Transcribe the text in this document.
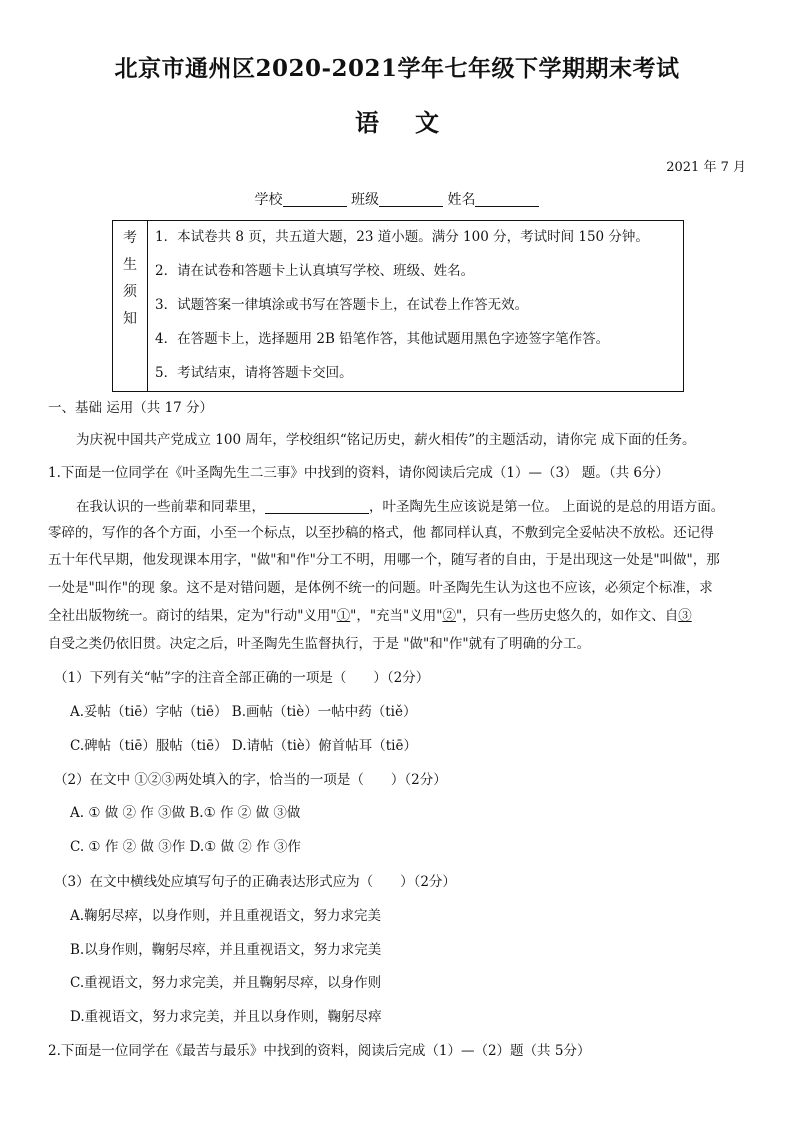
北京市通州区2020-2021学年七年级下学期期末考试
语文
2021 年 7 月
学校	班级	姓名
考
生
须
知
1．本试卷共 8 页，共五道大题，23 道小题。满分 100 分，考试时间 150 分钟。
2．请在试卷和答题卡上认真填写学校、班级、姓名。
3．试题答案一律填涂或书写在答题卡上，在试卷上作答无效。
4．在答题卡上，选择题用 2B 铅笔作答，其他试题用黑色字迹签字笔作答。
5．考试结束，请将答题卡交回。
一、基础 运用（共 17 分）
为庆祝中国共产党成立 100 周年，学校组织“铭记历史，薪火相传”的主题活动，请你完 成下面的任务。
1.下面是一位同学在《叶圣陶先生二三事》中找到的资料，请你阅读后完成（1）—（3） 题。（共 6分）
在我认识的一些前辈和同辈里，	，叶圣陶先生应该说是第一位。 上面说的是总的用语方面。
零碎的，写作的各个方面，小至一个标点，以至抄稿的格式，他 都同样认真，不敷到完全妥帖决不放松。还记得
五十年代早期，他发现课本用字，"做"和"作"分工不明，用哪一个，随写者的自由，于是出现这一处是"叫做"，那
一处是"叫作"的现 象。这不是对错问题，是体例不统一的问题。叶圣陶先生认为这也不应该，必须定个标准，求
全社出版物统一。商讨的结果，定为"行动"义用"①"，"充当"义用"②"，只有一些历史悠久的，如作文、自③
自受之类仍依旧贯。决定之后，叶圣陶先生监督执行，于是 "做"和"作"就有了明确的分工。
（1）下列有关“帖”字的注音全部正确的一项是（　　）（2分）
A.妥帖（tiē）字帖（tiē） B.画帖（tiè）一帖中药（tiě）
C.碑帖（tiē）服帖（tiē） D.请帖（tiè）俯首帖耳（tiē）
（2）在文中 ①②③两处填入的字，恰当的一项是（　　）（2分）
A. ① 做 ② 作 ③做 B.① 作 ② 做 ③做
C. ① 作 ② 做 ③作 D.① 做 ② 作 ③作
（3）在文中横线处应填写句子的正确表达形式应为（　　）（2分）
A.鞠躬尽瘁，以身作则，并且重视语文，努力求完美
B.以身作则，鞠躬尽瘁，并且重视语文，努力求完美
C.重视语文，努力求完美，并且鞠躬尽瘁，以身作则
D.重视语文，努力求完美，并且以身作则，鞠躬尽瘁
2.下面是一位同学在《最苦与最乐》中找到的资料，阅读后完成（1）—（2）题（共 5分）
